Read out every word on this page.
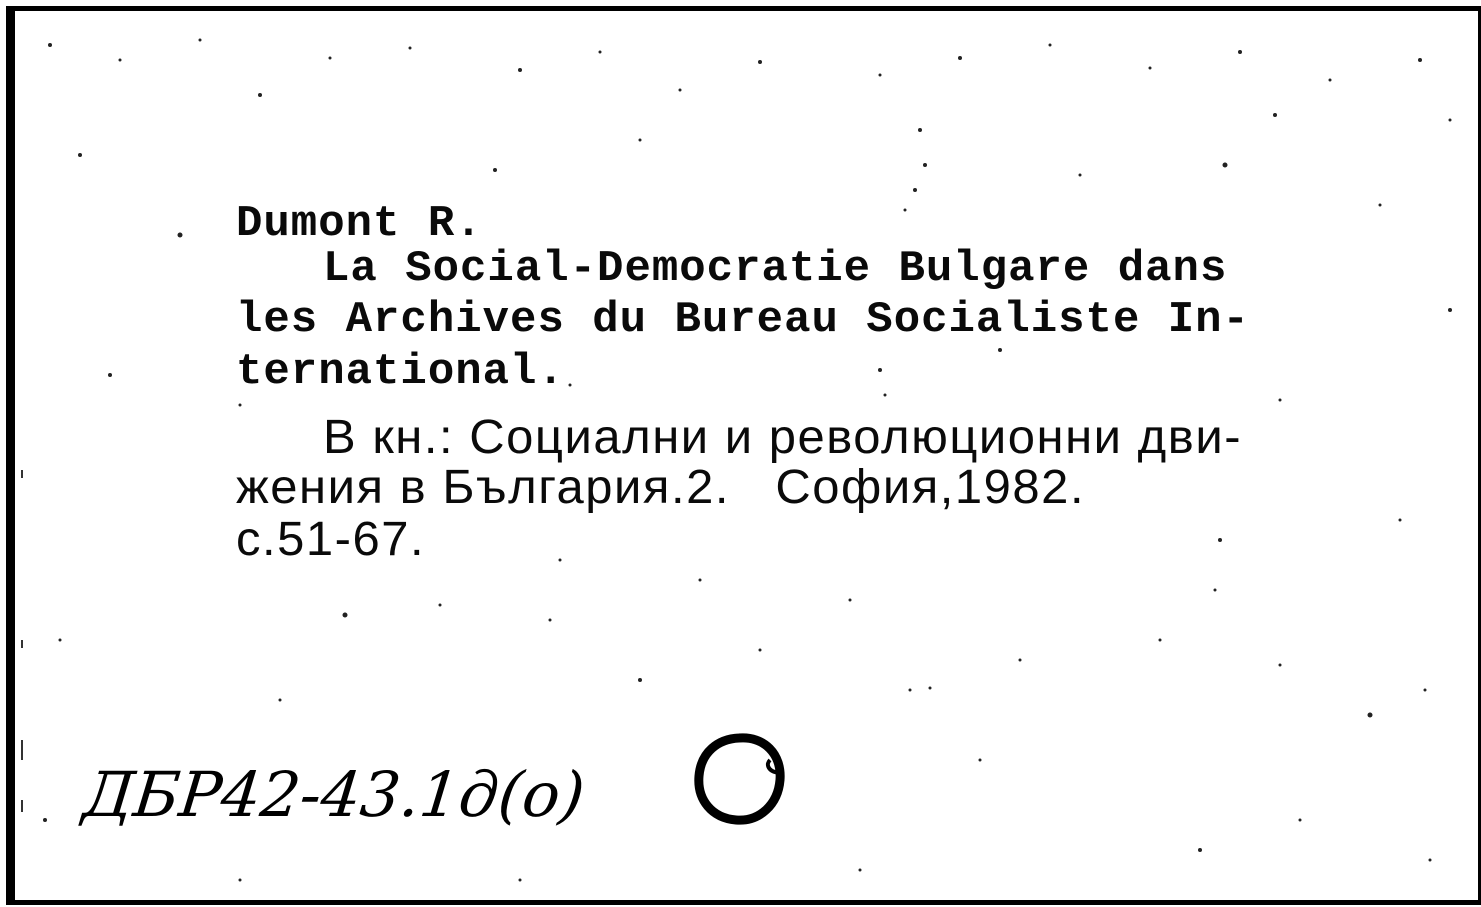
Dumont R.
La Social-Democratie Bulgare dans
les Archives du Bureau Socialiste In-
ternational.
В кн.: Социални и революционни дви-
жения в България.2.   София,1982.
с.51-67.
ДБР42-43.1д(о)
